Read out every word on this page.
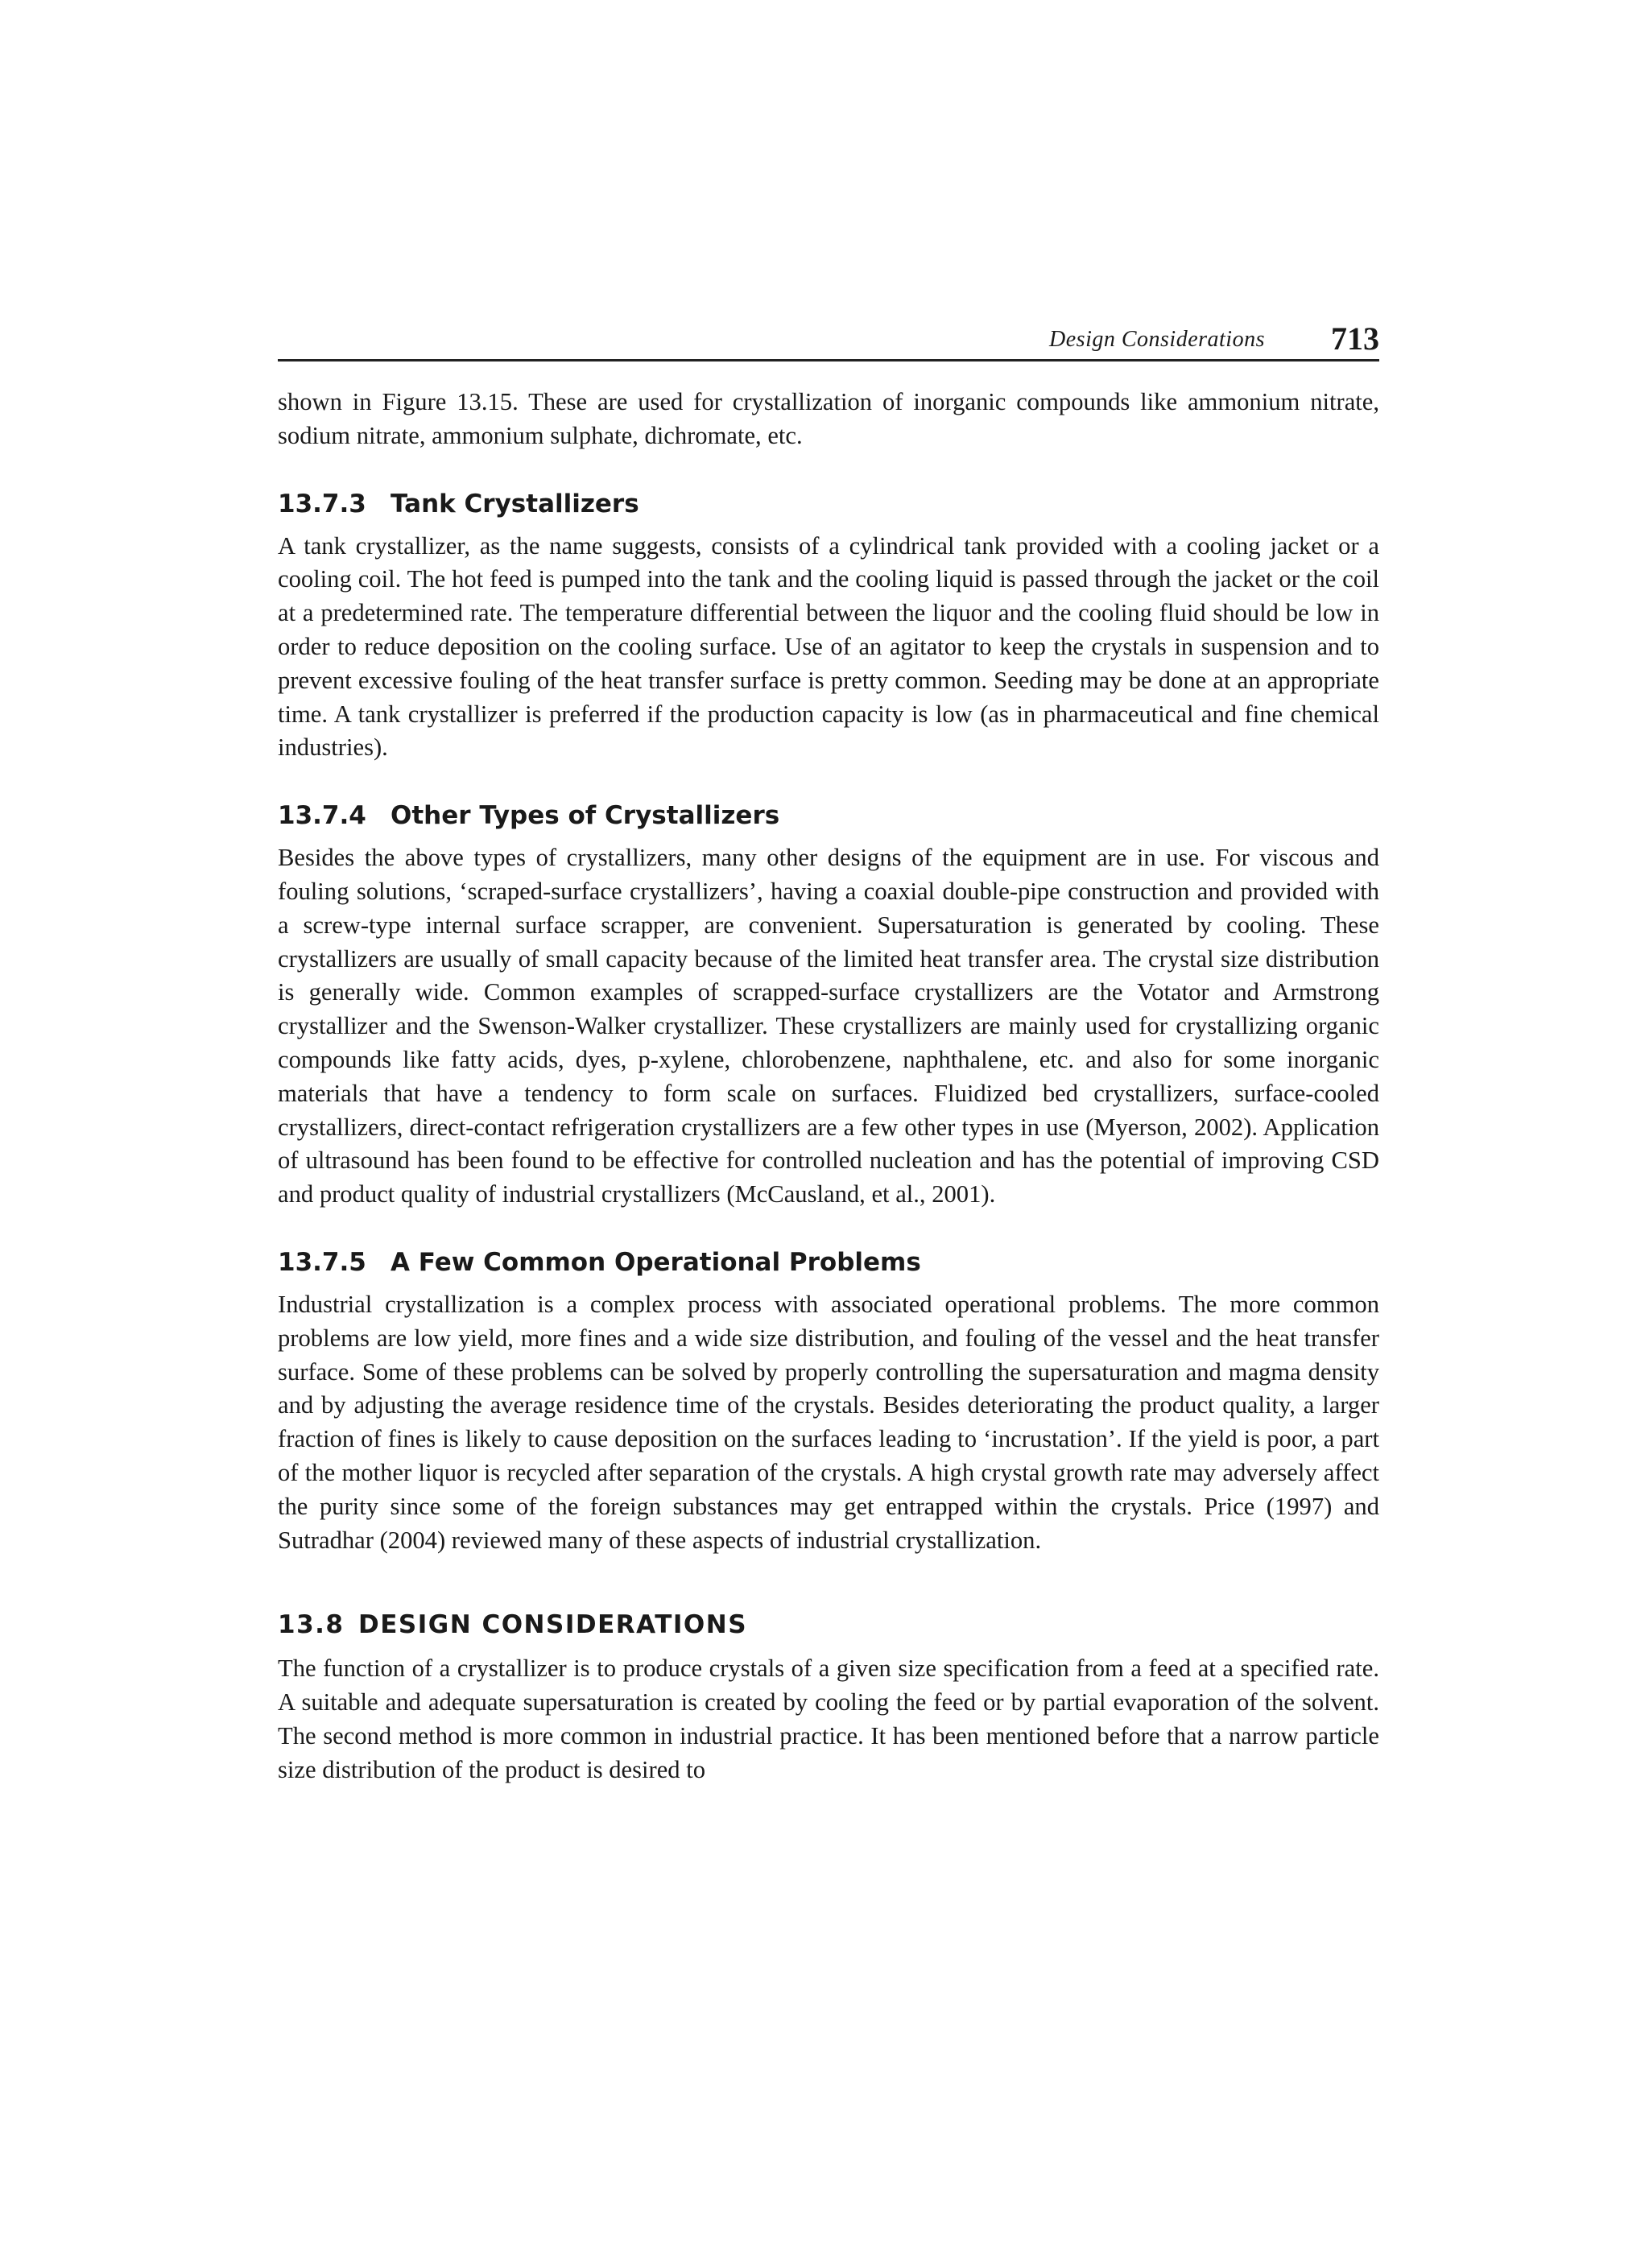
Design Considerations 713

shown in Figure 13.15. These are used for crystallization of inorganic compounds like ammonium nitrate, sodium nitrate, ammonium sulphate, dichromate, etc.

13.7.3 Tank Crystallizers

A tank crystallizer, as the name suggests, consists of a cylindrical tank provided with a cooling jacket or a cooling coil. The hot feed is pumped into the tank and the cooling liquid is passed through the jacket or the coil at a predetermined rate. The temperature differential between the liquor and the cooling fluid should be low in order to reduce deposition on the cooling surface. Use of an agitator to keep the crystals in suspension and to prevent excessive fouling of the heat transfer surface is pretty common. Seeding may be done at an appropriate time. A tank crystallizer is preferred if the production capacity is low (as in pharmaceutical and fine chemical industries).

13.7.4 Other Types of Crystallizers

Besides the above types of crystallizers, many other designs of the equipment are in use. For viscous and fouling solutions, ‘scraped-surface crystallizers’, having a coaxial double-pipe construction and provided with a screw-type internal surface scrapper, are convenient. Supersaturation is generated by cooling. These crystallizers are usually of small capacity because of the limited heat transfer area. The crystal size distribution is generally wide. Common examples of scrapped-surface crystallizers are the Votator and Armstrong crystallizer and the Swenson-Walker crystallizer. These crystallizers are mainly used for crystallizing organic compounds like fatty acids, dyes, p-xylene, chlorobenzene, naphthalene, etc. and also for some inorganic materials that have a tendency to form scale on surfaces. Fluidized bed crystallizers, surface-cooled crystallizers, direct-contact refrigeration crystallizers are a few other types in use (Myerson, 2002). Application of ultrasound has been found to be effective for controlled nucleation and has the potential of improving CSD and product quality of industrial crystallizers (McCausland, et al., 2001).

13.7.5 A Few Common Operational Problems

Industrial crystallization is a complex process with associated operational problems. The more common problems are low yield, more fines and a wide size distribution, and fouling of the vessel and the heat transfer surface. Some of these problems can be solved by properly controlling the supersaturation and magma density and by adjusting the average residence time of the crystals. Besides deteriorating the product quality, a larger fraction of fines is likely to cause deposition on the surfaces leading to ‘incrustation’. If the yield is poor, a part of the mother liquor is recycled after separation of the crystals. A high crystal growth rate may adversely affect the purity since some of the foreign substances may get entrapped within the crystals. Price (1997) and Sutradhar (2004) reviewed many of these aspects of industrial crystallization.

13.8 DESIGN CONSIDERATIONS

The function of a crystallizer is to produce crystals of a given size specification from a feed at a specified rate. A suitable and adequate supersaturation is created by cooling the feed or by partial evaporation of the solvent. The second method is more common in industrial practice. It has been mentioned before that a narrow particle size distribution of the product is desired to
